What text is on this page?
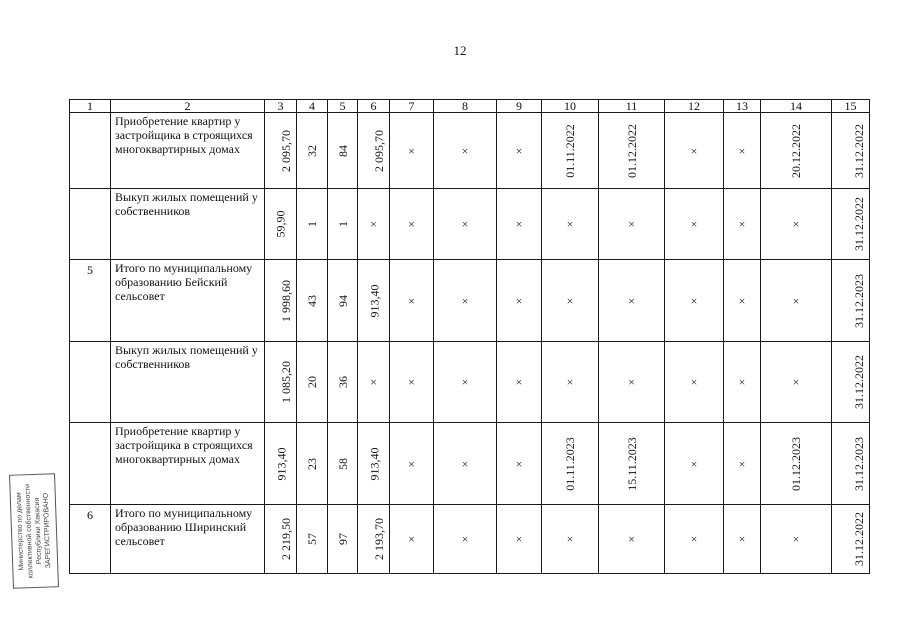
12
1	2	3	4	5	6	7	8	9	10	11	12	13	14	15
	Приобретение квартир у застройщика в строящихся многоквартирных домах	2 095,70	32	84	2 095,70	×	×	×	01.11.2022	01.12.2022	×	×	20.12.2022	31.12.2022
	Выкуп жилых помещений у собственников	59,90	1	1	×	×	×	×	×	×	×	×	×	31.12.2022
5	Итого по муниципальному образованию Бейский сельсовет	1 998,60	43	94	913,40	×	×	×	×	×	×	×	×	31.12.2023
	Выкуп жилых помещений у собственников	1 085,20	20	36	×	×	×	×	×	×	×	×	×	31.12.2022
	Приобретение квартир у застройщика в строящихся многоквартирных домах	913,40	23	58	913,40	×	×	×	01.11.2023	15.11.2023	×	×	01.12.2023	31.12.2023
6	Итого по муниципальному образованию Ширинский сельсовет	2 219,50	57	97	2 193,70	×	×	×	×	×	×	×	×	31.12.2022
Министерство по делам
коллективной собственности Республики Хакасия ЗАРЕГИСТРИРОВАНО
